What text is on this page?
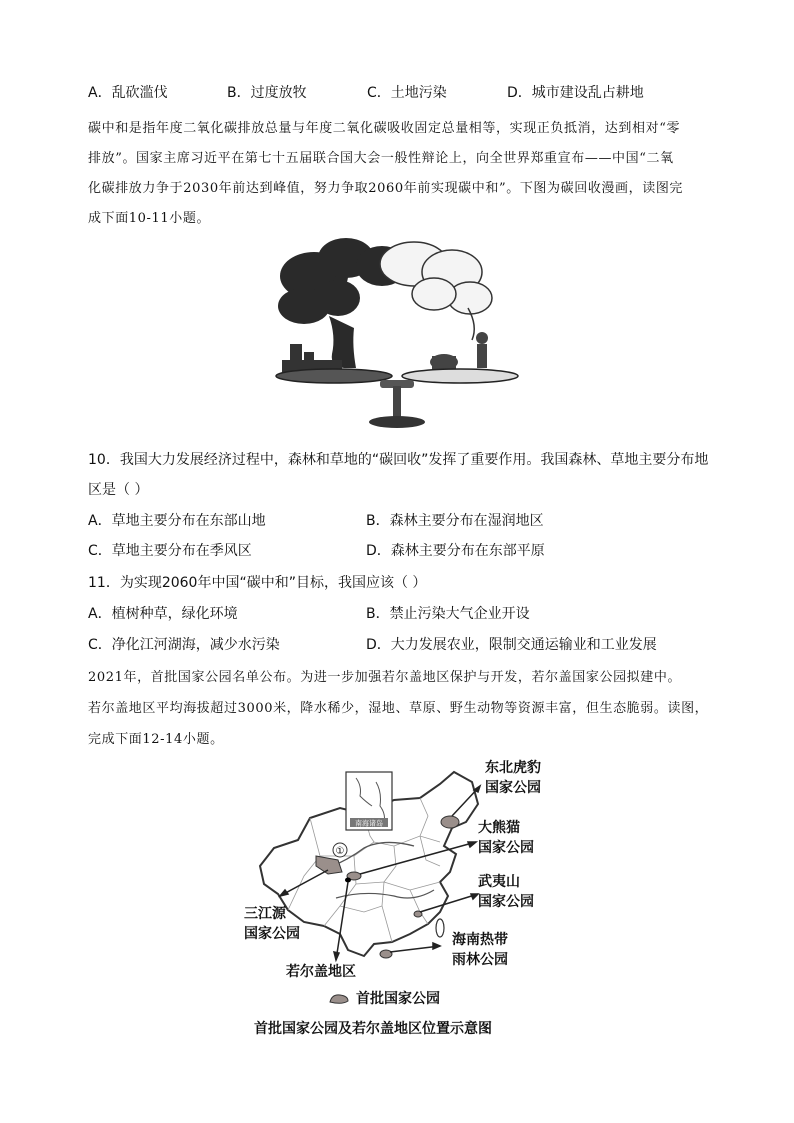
A．乱砍滥伐	B．过度放牧	C．土地污染	D．城市建设乱占耕地
碳中和是指年度二氧化碳排放总量与年度二氧化碳吸收固定总量相等，实现正负抵消，达到相对“零
排放”。国家主席习近平在第七十五届联合国大会一般性辩论上，向全世界郑重宣布——中国“二氧
化碳排放力争于2030年前达到峰值，努力争取2060年前实现碳中和”。下图为碳回收漫画，读图完
成下面10-11小题。
10．我国大力发展经济过程中，森林和草地的“碳回收”发挥了重要作用。我国森林、草地主要分布地
区是（ ）
A．草地主要分布在东部山地	B．森林主要分布在湿润地区
C．草地主要分布在季风区	D．森林主要分布在东部平原
11．为实现2060年中国“碳中和”目标，我国应该（ ）
A．植树种草，绿化环境	B．禁止污染大气企业开设
C．净化江河湖海，减少水污染	D．大力发展农业，限制交通运输业和工业发展
2021年，首批国家公园名单公布。为进一步加强若尔盖地区保护与开发，若尔盖国家公园拟建中。
若尔盖地区平均海拔超过3000米，降水稀少，湿地、草原、野生动物等资源丰富，但生态脆弱。读图，
完成下面12-14小题。
①
南海诸岛
东北虎豹
国家公园
大熊猫
国家公园
武夷山
国家公园
三江源
国家公园	海南热带
雨林公园
若尔盖地区
首批国家公园
首批国家公园及若尔盖地区位置示意图
